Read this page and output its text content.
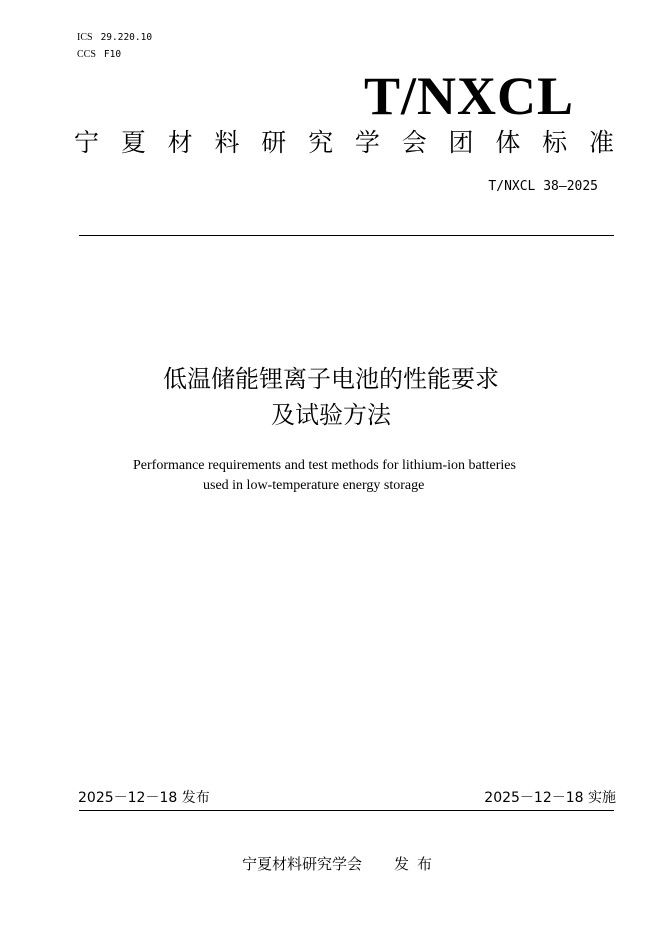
ICS 29.220.10
CCS F10
T/NXCL
宁 夏 材 料 研 究 学 会 团 体 标 准
T/NXCL 38—2025
低温储能锂离子电池的性能要求
及试验方法
Performance requirements and test methods for lithium-ion batteries
used in low-temperature energy storage
2025－12－18 发布	2025－12－18 实施
宁夏材料研究学会 发布
